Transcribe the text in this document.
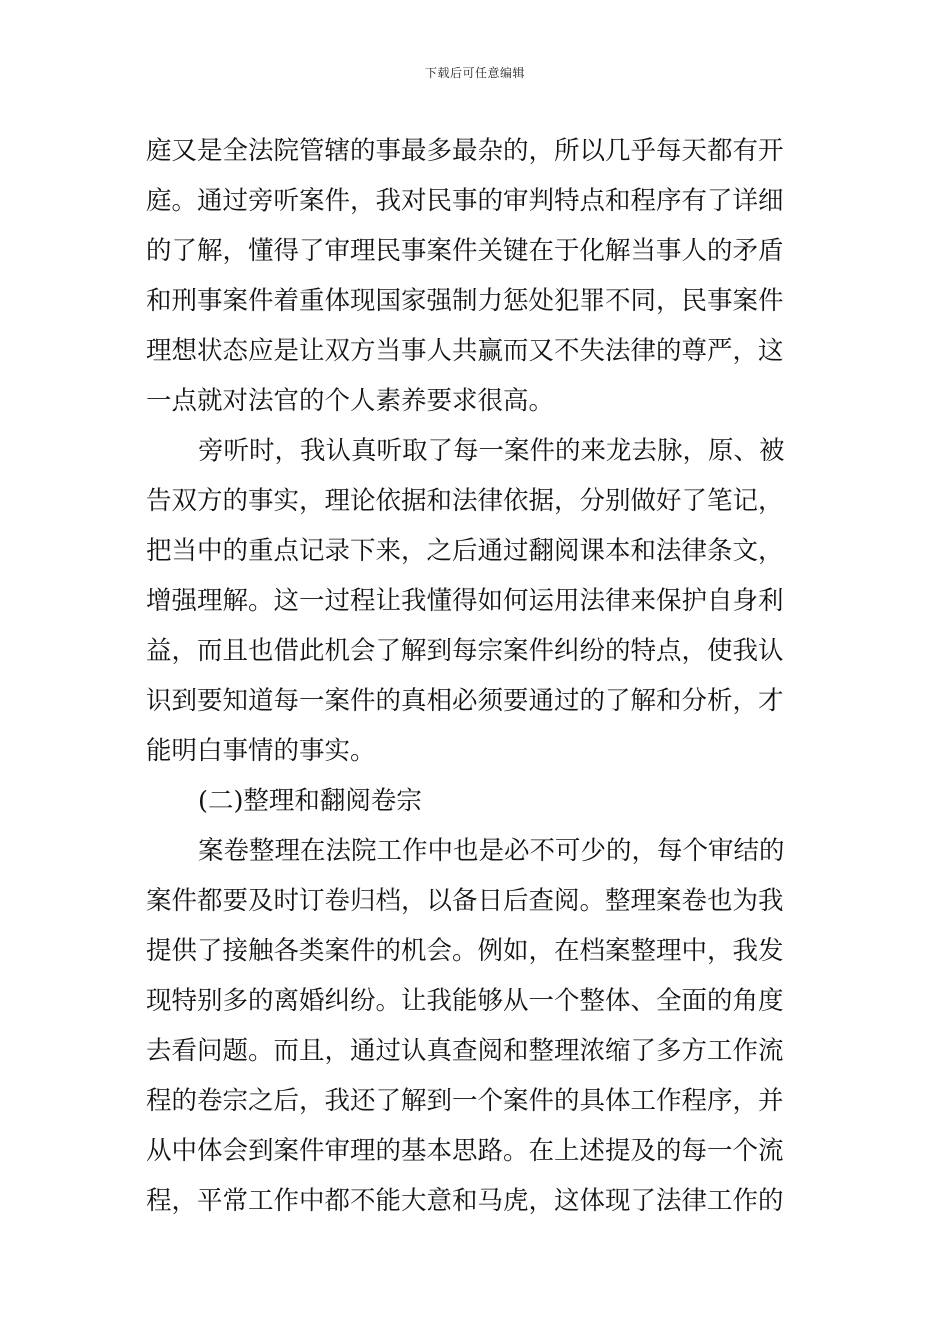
下载后可任意编辑
庭又是全法院管辖的事最多最杂的，所以几乎每天都有开
庭。通过旁听案件，我对民事的审判特点和程序有了详细
的了解，懂得了审理民事案件关键在于化解当事人的矛盾
和刑事案件着重体现国家强制力惩处犯罪不同，民事案件
理想状态应是让双方当事人共赢而又不失法律的尊严，这
一点就对法官的个人素养要求很高。
旁听时，我认真听取了每一案件的来龙去脉，原、被
告双方的事实，理论依据和法律依据，分别做好了笔记，
把当中的重点记录下来，之后通过翻阅课本和法律条文，
增强理解。这一过程让我懂得如何运用法律来保护自身利
益，而且也借此机会了解到每宗案件纠纷的特点，使我认
识到要知道每一案件的真相必须要通过的了解和分析，才
能明白事情的事实。
(二)整理和翻阅卷宗
案卷整理在法院工作中也是必不可少的，每个审结的
案件都要及时订卷归档，以备日后查阅。整理案卷也为我
提供了接触各类案件的机会。例如，在档案整理中，我发
现特别多的离婚纠纷。让我能够从一个整体、全面的角度
去看问题。而且，通过认真查阅和整理浓缩了多方工作流
程的卷宗之后，我还了解到一个案件的具体工作程序，并
从中体会到案件审理的基本思路。在上述提及的每一个流
程，平常工作中都不能大意和马虎，这体现了法律工作的
